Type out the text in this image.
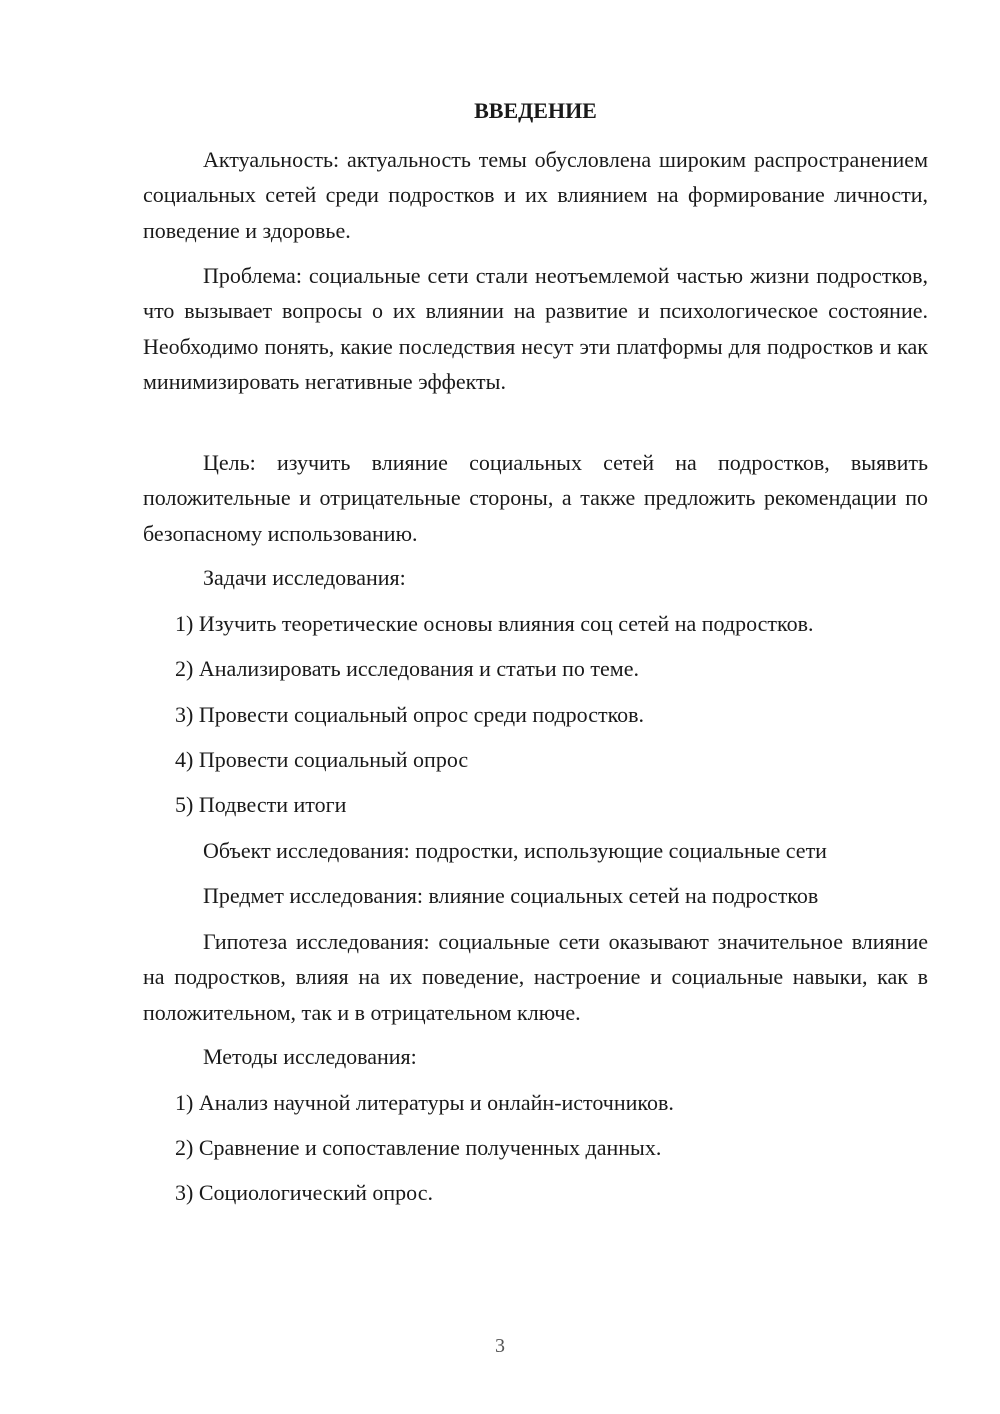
ВВЕДЕНИЕ

Актуальность: актуальность темы обусловлена широким распространением социальных сетей среди подростков и их влиянием на формирование личности, поведение и здоровье.

Проблема: социальные сети стали неотъемлемой частью жизни подростков, что вызывает вопросы о их влиянии на развитие и психологическое состояние. Необходимо понять, какие последствия несут эти платформы для подростков и как минимизировать негативные эффекты.

Цель: изучить влияние социальных сетей на подростков, выявить положительные и отрицательные стороны, а также предложить рекомендации по безопасному использованию.

Задачи исследования:
1) Изучить теоретические основы влияния соц сетей на подростков.
2) Анализировать исследования и статьи по теме.
3) Провести социальный опрос среди подростков.
4) Провести социальный опрос
5) Подвести итоги
Объект исследования: подростки, использующие социальные сети
Предмет исследования: влияние социальных сетей на подростков

Гипотеза исследования: социальные сети оказывают значительное влияние на подростков, влияя на их поведение, настроение и социальные навыки, как в положительном, так и в отрицательном ключе.

Методы исследования:
1) Анализ научной литературы и онлайн-источников.
2) Сравнение и сопоставление полученных данных.
3) Социологический опрос.
3
